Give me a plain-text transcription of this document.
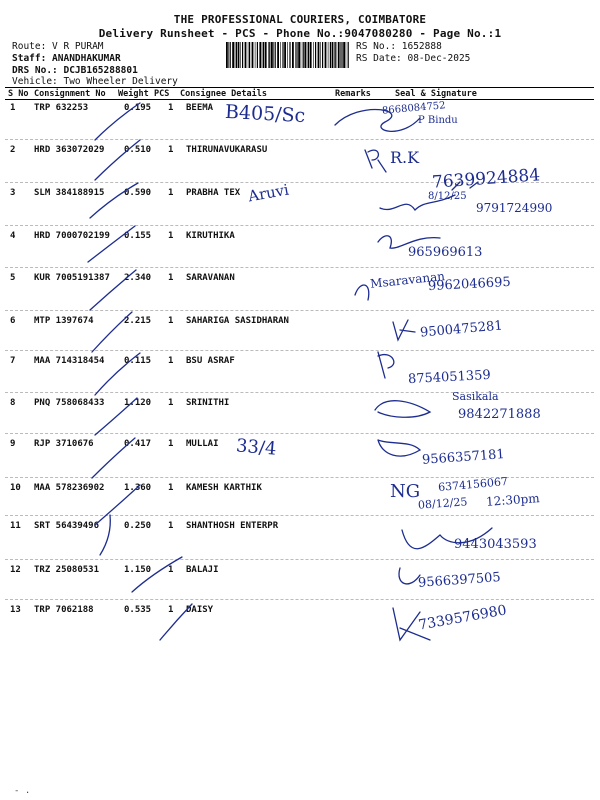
THE PROFESSIONAL COURIERS, COIMBATORE
Delivery Runsheet - PCS - Phone No.:9047080280 - Page No.:1
Route: V R PURAM
Staff: ANANDHAKUMAR
DRS No.: DCJB165288801
Vehicle: Two Wheeler Delivery
RS No.: 1652888
RS Date: 08-Dec-2025
S No Consignment No Weight PCS Consignee Details	Remarks	Seal & Signature
1 TRP 632253	0.195 1 BEEMA
2 HRD 363072029 0.510 1 THIRUNAVUKARASU
3 SLM 384188915 0.590 1 PRABHA TEX
4 HRD 7000702199 0.155 1 KIRUTHIKA
5 KUR 7005191387 2.340 1 SARAVANAN
6 MTP 1397674	2.215 1 SAHARIGA SASIDHARAN
7 MAA 714318454 0.115 1 BSU ASRAF
8 PNQ 758068433 1.120 1 SRINITHI
9 RJP 3710676	0.417 1 MULLAI
10 MAA 578236902 1.360 1 KAMESH KARTHIK
11 SRT 56439496	0.250 1 SHANTHOSH ENTERPR
12 TRZ 25080531	1.150 1 BALAJI
13 TRP 7062188	0.535 1 DAISY
B405/Sc
Aruvi
33/4
8668084752
P Bindu
R.K
7639924884
8/12/25
9791724990
965969613
Msaravanan
9962046695
9500475281
8754051359
Sasikala
9842271888
9566357181
NG 6374156067
08/12/25 12:30pm
9443043593
9566397505
7339576980
- .
